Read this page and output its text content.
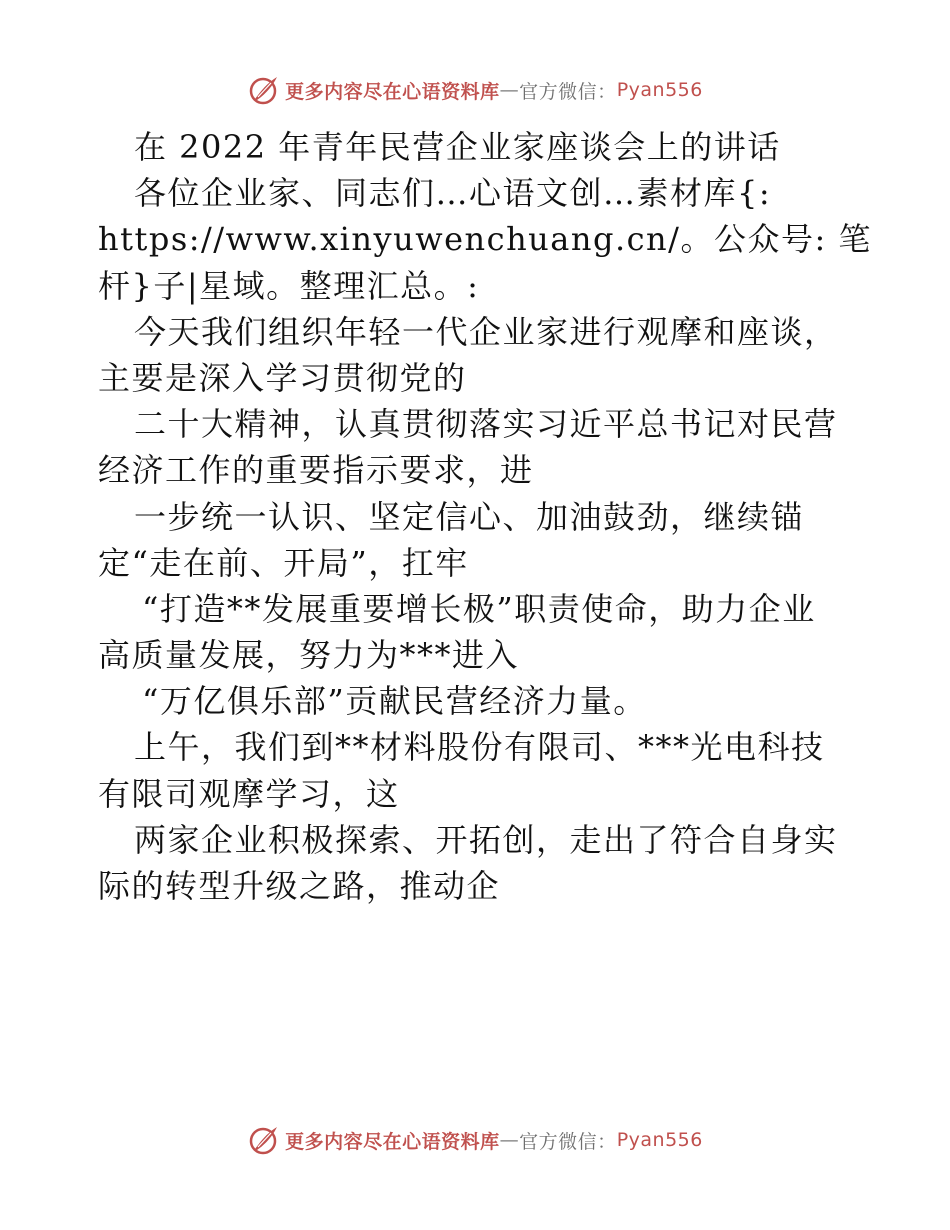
更多内容尽在心语资料库 — 官方微信： Pyan556
在 2022 年青年民营企业家座谈会上的讲话
各位企业家、同志们…心语文创…素材库{:
https://www.xinyuwenchuang.cn/。公众号: 笔
杆}子|星域。整理汇总。:
今天我们组织年轻一代企业家进行观摩和座谈，
主要是深入学习贯彻党的
二十大精神，认真贯彻落实习近平总书记对民营
经济工作的重要指示要求，进
一步统一认识、坚定信心、加油鼓劲，继续锚
定“走在前、开局”，扛牢
“打造**发展重要增长极”职责使命，助力企业
高质量发展，努力为***进入
“万亿俱乐部”贡献民营经济力量。
上午，我们到**材料股份有限司、***光电科技
有限司观摩学习，这
两家企业积极探索、开拓创，走出了符合自身实
际的转型升级之路，推动企
更多内容尽在心语资料库 — 官方微信： Pyan556
